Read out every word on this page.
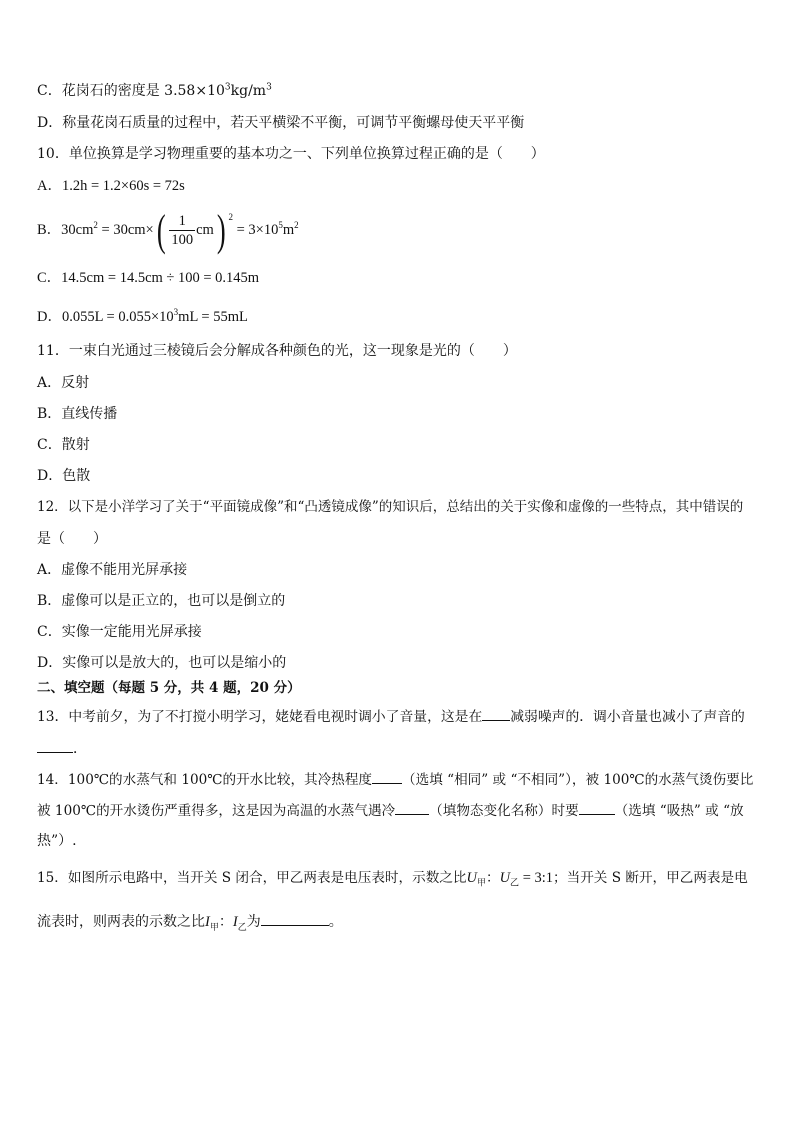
C．花岗石的密度是 $3.58\times 10^3kg/m^3$
D．称量花岗石质量的过程中，若天平横梁不平衡，可调节平衡螺母使天平平衡
10．单位换算是学习物理重要的基本功之一、下列单位换算过程正确的是（　　）
A．1.2h = 1.2×60s = 72s
B．$30cm^2 = 30cm\times( \frac{1}{100} cm) ^2 = 3\times 10^5m^2$
C．14.5cm = 14.5cm ÷ 100 = 0.145m
D．$0.055L = 0.055\times 10^3mL = 55mL$
11．一束白光通过三棱镜后会分解成各种颜色的光，这一现象是光的（　　）
A．反射
B．直线传播
C．散射
D．色散
12．以下是小洋学习了关于“平面镜成像”和“凸透镜成像”的知识后，总结出的关于实像和虚像的一些特点，其中错误的
是（　　）
A．虚像不能用光屏承接
B．虚像可以是正立的，也可以是倒立的
C．实像一定能用光屏承接
D．实像可以是放大的，也可以是缩小的
二、填空题（每题 5 分，共 4 题，20 分）
13．中考前夕，为了不打搅小明学习，姥姥看电视时调小了音量，这是在 减弱噪声的．调小音量也减小了声音的
．
14．100℃的水蒸气和 100℃的开水比较，其冷热程度 （选填 “相同” 或 “不相同”），被 100℃的水蒸气烫伤要比
被 100℃的开水烫伤严重得多，这是因为高温的水蒸气遇冷	（填物态变化名称）时要	（选填 “吸热” 或 “放
热”）.
15．如图所示电路中，当开关 S 闭合，甲乙两表是电压表时，示数之比$U_甲$：$U_乙$ = 3:1；当开关 S 断开，甲乙两表是电
流表时，则两表的示数之比$I_甲$：$I_乙$为	。
